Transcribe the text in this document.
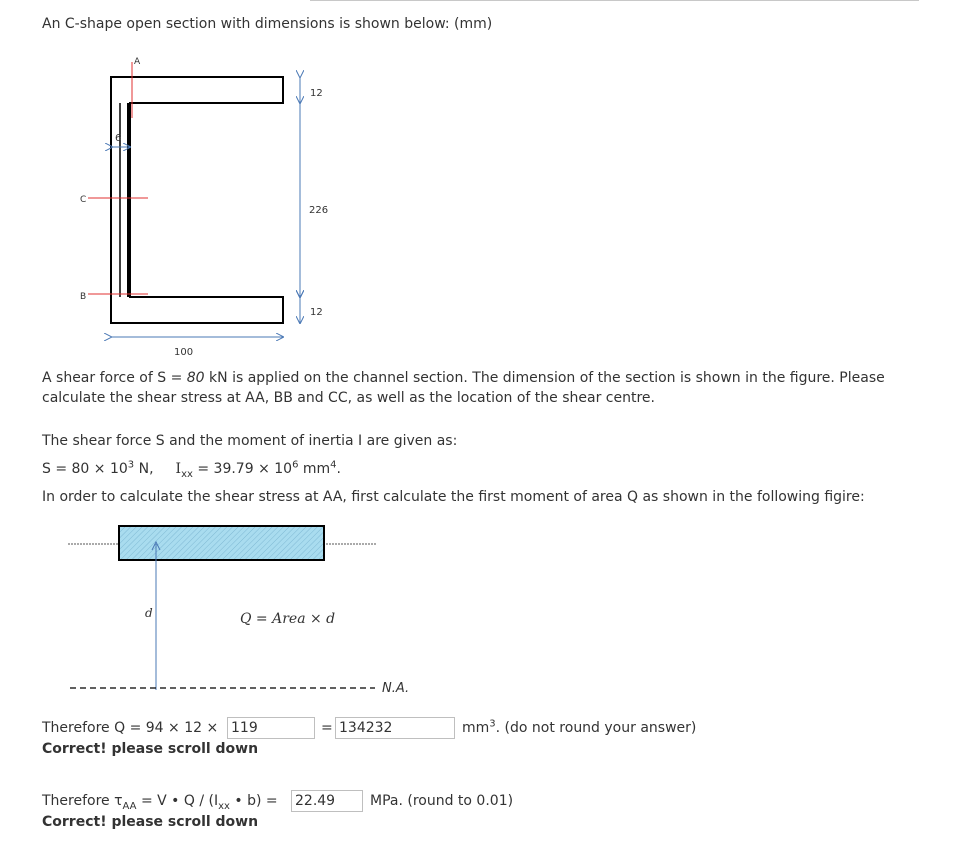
An C-shape open section with dimensions is shown below: (mm)
A
C
B
6
12
226
12
100
A shear force of S = 80 kN is applied on the channel section. The dimension of the section is shown in the figure. Please
calculate the shear stress at AA, BB and CC, as well as the location of the shear centre.
The shear force S and the moment of inertia I are given as:
$S = 80 \times 10^3$ N, $I_{xx} = 39.79 \times 10^6$ $mm^4$.
In order to calculate the shear stress at AA, first calculate the first moment of area Q as shown in the following figire:
d	Q = Area × d
N.A.
Therefore Q = 94 × 12 × 119	= 134232	$mm^3$. (do not round your answer)
Correct! please scroll down
Therefore $\tau_{AA} = V$ • Q / ($I_{xx}$ • b) = 22.49	MPa. (round to 0.01)
Correct! please scroll down
